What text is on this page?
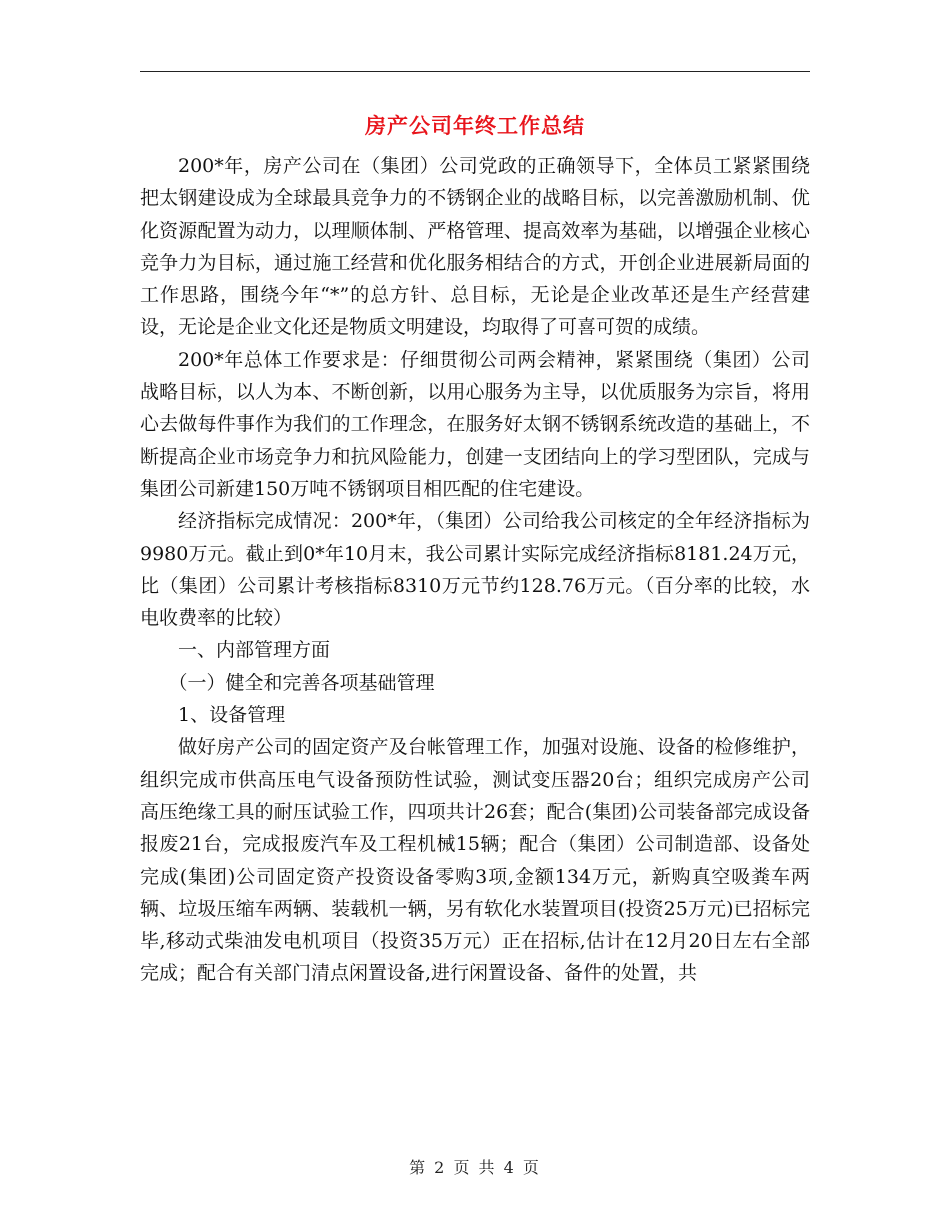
房产公司年终工作总结

200*年，房产公司在（集团）公司党政的正确领导下，全体员工紧紧围绕把太钢建设成为全球最具竞争力的不锈钢企业的战略目标，以完善激励机制、优化资源配置为动力，以理顺体制、严格管理、提高效率为基础，以增强企业核心竞争力为目标，通过施工经营和优化服务相结合的方式，开创企业进展新局面的工作思路，围绕今年“*”的总方针、总目标，无论是企业改革还是生产经营建设，无论是企业文化还是物质文明建设，均取得了可喜可贺的成绩。

200*年总体工作要求是：仔细贯彻公司两会精神，紧紧围绕（集团）公司战略目标，以人为本、不断创新，以用心服务为主导，以优质服务为宗旨，将用心去做每件事作为我们的工作理念，在服务好太钢不锈钢系统改造的基础上，不断提高企业市场竞争力和抗风险能力，创建一支团结向上的学习型团队，完成与集团公司新建150万吨不锈钢项目相匹配的住宅建设。

经济指标完成情况：200*年，（集团）公司给我公司核定的全年经济指标为9980万元。截止到0*年10月末，我公司累计实际完成经济指标8181.24万元，比（集团）公司累计考核指标8310万元节约128.76万元。（百分率的比较，水电收费率的比较）

一、内部管理方面

（一）健全和完善各项基础管理

1、设备管理

做好房产公司的固定资产及台帐管理工作，加强对设施、设备的检修维护，组织完成市供高压电气设备预防性试验，测试变压器20台；组织完成房产公司高压绝缘工具的耐压试验工作，四项共计26套；配合(集团)公司装备部完成设备报废21台，完成报废汽车及工程机械15辆；配合（集团）公司制造部、设备处完成(集团)公司固定资产投资设备零购3项,金额134万元，新购真空吸粪车两辆、垃圾压缩车两辆、装载机一辆，另有软化水装置项目(投资25万元)已招标完毕,移动式柴油发电机项目（投资35万元）正在招标,估计在12月20日左右全部完成；配合有关部门清点闲置设备,进行闲置设备、备件的处置，共

第 2 页 共 4 页
